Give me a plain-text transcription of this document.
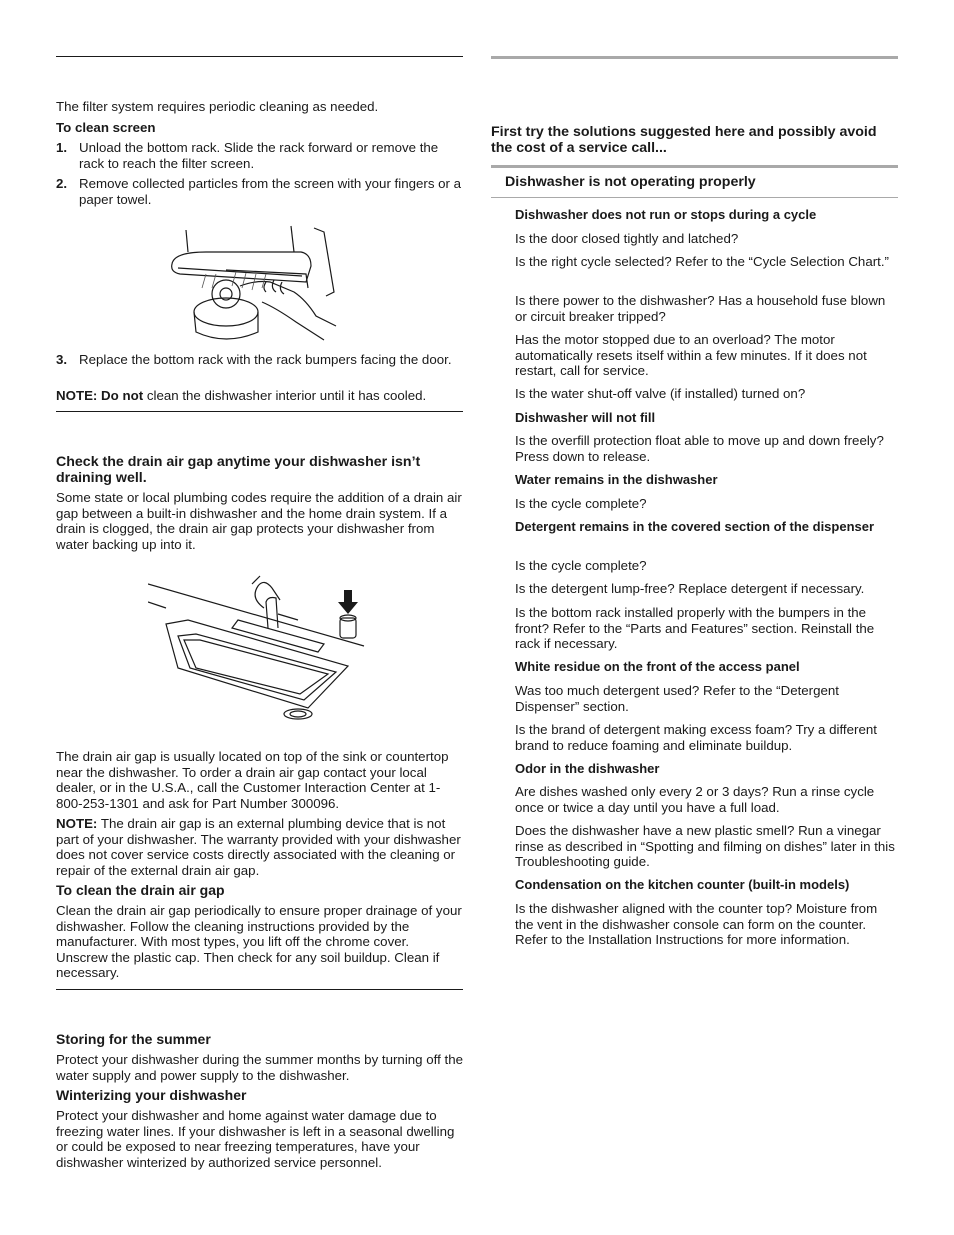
The filter system requires periodic cleaning as needed.

To clean screen

1. Unload the bottom rack. Slide the rack forward or remove the rack to reach the filter screen.
2. Remove collected particles from the screen with your fingers or a paper towel.
3. Replace the bottom rack with the rack bumpers facing the door.

NOTE: Do not clean the dishwasher interior until it has cooled.

Check the drain air gap anytime your dishwasher isn’t draining well.

Some state or local plumbing codes require the addition of a drain air gap between a built-in dishwasher and the home drain system. If a drain is clogged, the drain air gap protects your dishwasher from water backing up into it.

The drain air gap is usually located on top of the sink or countertop near the dishwasher. To order a drain air gap contact your local dealer, or in the U.S.A., call the Customer Interaction Center at 1-800-253-1301 and ask for Part Number 300096.

NOTE: The drain air gap is an external plumbing device that is not part of your dishwasher. The warranty provided with your dishwasher does not cover service costs directly associated with the cleaning or repair of the external drain air gap.

To clean the drain air gap

Clean the drain air gap periodically to ensure proper drainage of your dishwasher. Follow the cleaning instructions provided by the manufacturer. With most types, you lift off the chrome cover. Unscrew the plastic cap. Then check for any soil buildup. Clean if necessary.

Storing for the summer

Protect your dishwasher during the summer months by turning off the water supply and power supply to the dishwasher.

Winterizing your dishwasher

Protect your dishwasher and home against water damage due to freezing water lines. If your dishwasher is left in a seasonal dwelling or could be exposed to near freezing temperatures, have your dishwasher winterized by authorized service personnel.

First try the solutions suggested here and possibly avoid the cost of a service call...

Dishwasher is not operating properly

Dishwasher does not run or stops during a cycle
Is the door closed tightly and latched?
Is the right cycle selected? Refer to the “Cycle Selection Chart.”
Is there power to the dishwasher? Has a household fuse blown or circuit breaker tripped?
Has the motor stopped due to an overload? The motor automatically resets itself within a few minutes. If it does not restart, call for service.
Is the water shut-off valve (if installed) turned on?
Dishwasher will not fill
Is the overfill protection float able to move up and down freely? Press down to release.
Water remains in the dishwasher
Is the cycle complete?
Detergent remains in the covered section of the dispenser
Is the cycle complete?
Is the detergent lump-free? Replace detergent if necessary.
Is the bottom rack installed properly with the bumpers in the front? Refer to the “Parts and Features” section. Reinstall the rack if necessary.
White residue on the front of the access panel
Was too much detergent used? Refer to the “Detergent Dispenser” section.
Is the brand of detergent making excess foam? Try a different brand to reduce foaming and eliminate buildup.
Odor in the dishwasher
Are dishes washed only every 2 or 3 days? Run a rinse cycle once or twice a day until you have a full load.
Does the dishwasher have a new plastic smell? Run a vinegar rinse as described in “Spotting and filming on dishes” later in this Troubleshooting guide.
Condensation on the kitchen counter (built-in models)
Is the dishwasher aligned with the counter top? Moisture from the vent in the dishwasher console can form on the counter. Refer to the Installation Instructions for more information.
